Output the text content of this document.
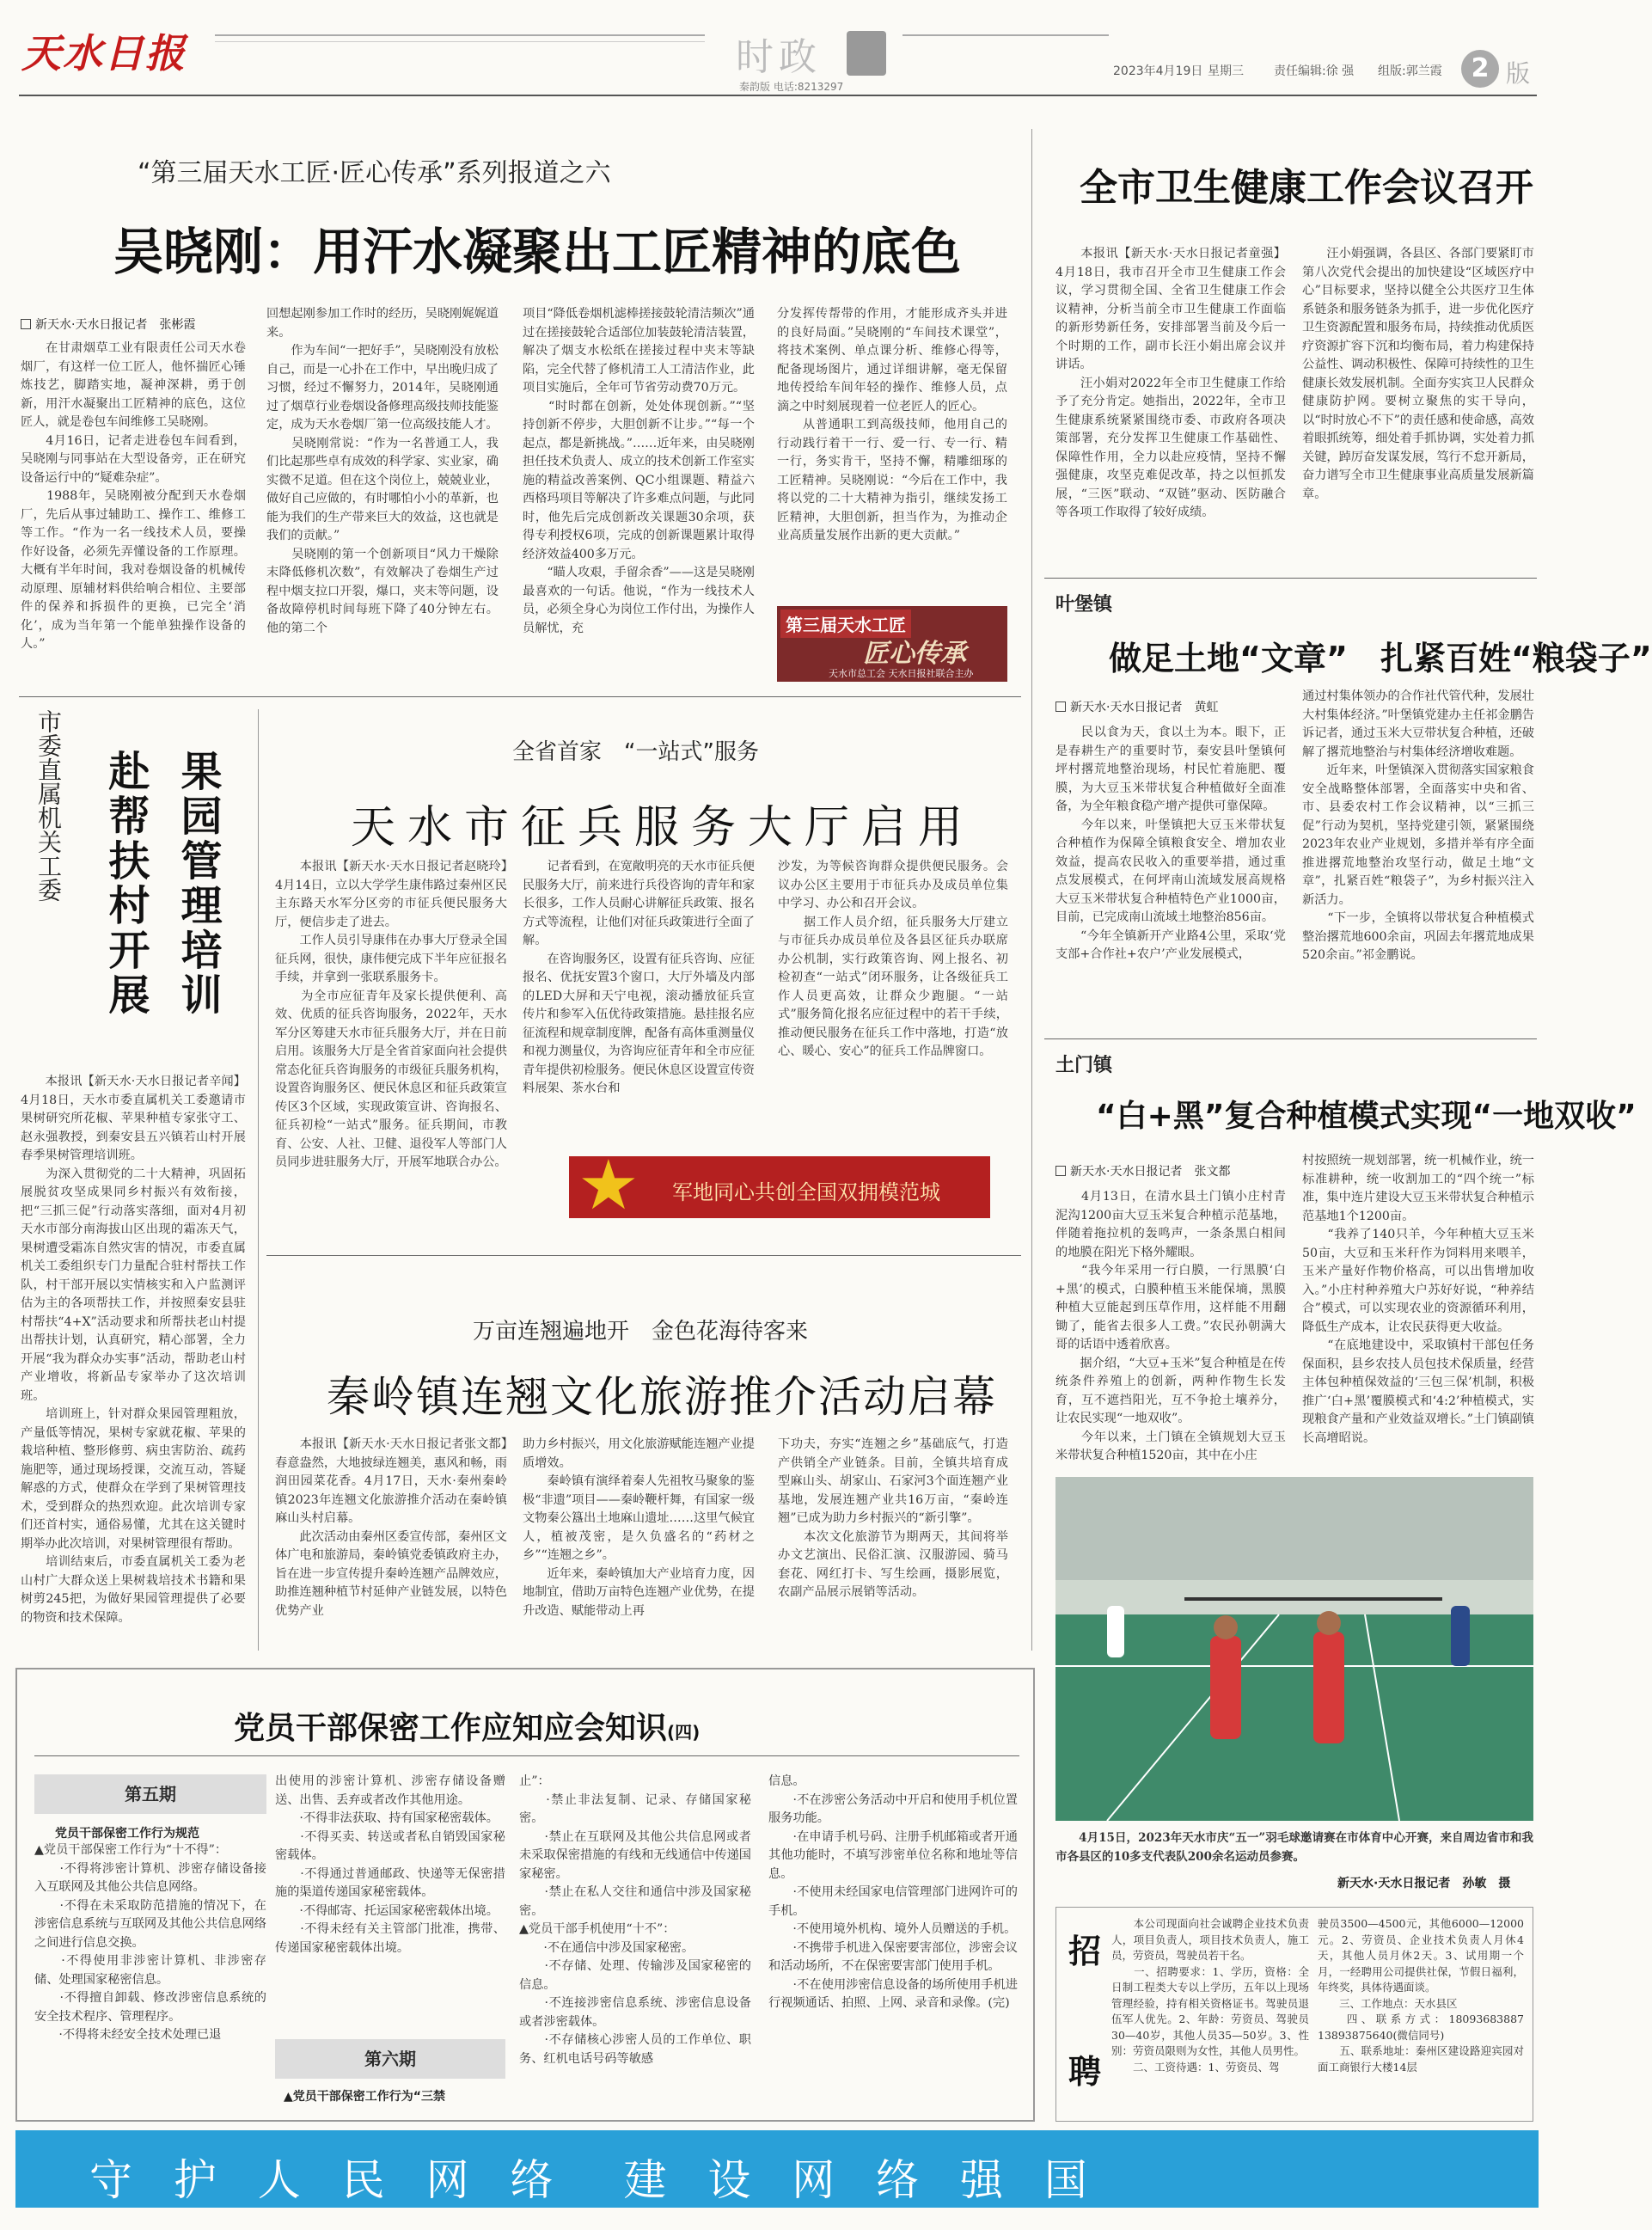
天水日报	时政
秦韵版 电话:8213297
2023年4月19日 星期三	责任编辑:徐 强 组版:郭兰霞	2 版
“第三届天水工匠·匠心传承”系列报道之六
吴晓刚：用汗水凝聚出工匠精神的底色
新天水·天水日报记者　张彬霞
　　在甘肃烟草工业有限责任公司天水卷烟厂，有这样一位工匠人，他怀揣匠心锤炼技艺，脚踏实地，凝神深耕，勇于创新，用汗水凝聚出工匠精神的底色，这位匠人，就是卷包车间维修工吴晓刚。
　　4月16日，记者走进卷包车间看到，吴晓刚与同事站在大型设备旁，正在研究设备运行中的“疑难杂症”。
　　1988年，吴晓刚被分配到天水卷烟厂，先后从事过辅助工、操作工、维修工等工作。“作为一名一线技术人员，要操作好设备，必须先弄懂设备的工作原理。大概有半年时间，我对卷烟设备的机械传动原理、原辅材料供给响合相位、主要部件的保养和拆损件的更换，已完全‘消化’，成为当年第一个能单独操作设备的人。”
回想起刚参加工作时的经历，吴晓刚娓娓道来。
　　作为车间“一把好手”，吴晓刚没有放松自己，而是一心扑在工作中，早出晚归成了习惯，经过不懈努力，2014年，吴晓刚通过了烟草行业卷烟设备修理高级技师技能鉴定，成为天水卷烟厂第一位高级技能人才。
　　吴晓刚常说：“作为一名普通工人，我们比起那些卓有成效的科学家、实业家，确实微不足道。但在这个岗位上，兢兢业业，做好自己应做的，有时哪怕小小的革新，也能为我们的生产带来巨大的效益，这也就是我们的贡献。”
　　吴晓刚的第一个创新项目“风力干燥除末降低修机次数”，有效解决了卷烟生产过程中烟支拉口开裂，爆口，夹末等问题，设备故障停机时间每班下降了40分钟左右。他的第二个
项目“降低卷烟机滤棒搓接鼓轮清洁频次”通过在搓接鼓轮合适部位加装鼓轮清洁装置，解决了烟支水松纸在搓接过程中夹末等缺陷，完全代替了修机清工人工清洁作业，此项目实施后，全年可节省劳动费70万元。
　　“时时都在创新，处处体现创新。”“坚持创新不停步，大胆创新不让步。”“每一个起点，都是新挑战。”……近年来，由吴晓刚担任技术负责人、成立的技术创新工作室实施的精益改善案例、QC小组课题、精益六西格玛项目等解决了许多难点问题，与此同时，他先后完成创新改关课题30余项，获得专利授权6项，完成的创新课题累计取得经济效益400多万元。
　　“瞄人攻艰，手留余香”——这是吴晓刚最喜欢的一句话。他说，“作为一线技术人员，必须全身心为岗位工作付出，为操作人员解忧，充
分发挥传帮带的作用，才能形成齐头并进的良好局面。”吴晓刚的“车间技术课堂”，将技术案例、单点课分析、维修心得等，配备现场图片，通过详细讲解，毫无保留地传授给车间年轻的操作、维修人员，点滴之中时刻展现着一位老匠人的匠心。
　　从普通职工到高级技师，他用自己的行动践行着干一行、爱一行、专一行、精一行，务实肯干，坚持不懈，精雕细琢的工匠精神。吴晓刚说：“今后在工作中，我将以党的二十大精神为指引，继续发扬工匠精神，大胆创新，担当作为，为推动企业高质量发展作出新的更大贡献。”
第三届天水工匠
匠心传承
天水市总工会 天水日报社联合主办
全市卫生健康工作会议召开
　　本报讯【新天水·天水日报记者童强】4月18日，我市召开全市卫生健康工作会议，学习贯彻全国、全省卫生健康工作会议精神，分析当前全市卫生健康工作面临的新形势新任务，安排部署当前及今后一个时期的工作，副市长汪小娟出席会议并讲话。
　　汪小娟对2022年全市卫生健康工作给予了充分肯定。她指出，2022年，全市卫生健康系统紧紧围绕市委、市政府各项决策部署，充分发挥卫生健康工作基础性、保障性作用，全力以赴应疫情，坚持不懈强健康，攻坚克难促改革，持之以恒抓发展，“三医”联动、“双链”驱动、医防融合等各项工作取得了较好成绩。
　　汪小娟强调，各县区、各部门要紧盯市第八次党代会提出的加快建设“区域医疗中心”目标要求，坚持以健全公共医疗卫生体系链条和服务链条为抓手，进一步优化医疗卫生资源配置和服务布局，持续推动优质医疗资源扩容下沉和均衡布局，着力构建保持公益性、调动积极性、保障可持续性的卫生健康长效发展机制。全面夯实宾卫人民群众健康防护网。要树立聚焦的实干导向，以“时时放心不下”的责任感和使命感，高效着眼抓统筹，细处着手抓协调，实处着力抓关键，踔厉奋发谋发展，笃行不怠开新局，奋力谱写全市卫生健康事业高质量发展新篇章。
叶堡镇
做足土地“文章”　扎紧百姓“粮袋子”
新天水·天水日报记者　黄虹
　　民以食为天，食以土为本。眼下，正是春耕生产的重要时节，秦安县叶堡镇何坪村撂荒地整治现场，村民忙着施肥、覆膜，为大豆玉米带状复合种植做好全面准备，为全年粮食稳产增产提供可靠保障。
　　今年以来，叶堡镇把大豆玉米带状复合种植作为保障全镇粮食安全、增加农业效益，提高农民收入的重要举措，通过重点发展模式，在何坪南山流域发展高规格大豆玉米带状复合种植特色产业1000亩，目前，已完成南山流域土地整治856亩。
　　“今年全镇新开产业路4公里，采取‘党支部+合作社+农户’产业发展模式，
通过村集体领办的合作社代管代种，发展壮大村集体经济。”叶堡镇党建办主任祁金鹏告诉记者，通过玉米大豆带状复合种植，还破解了撂荒地整治与村集体经济增收难题。
　　近年来，叶堡镇深入贯彻落实国家粮食安全战略整体部署，全面落实中央和省、市、县委农村工作会议精神，以“三抓三促”行动为契机，坚持党建引领，紧紧围绕2023年农业产业规划，多措并举有序全面推进撂荒地整治攻坚行动，做足土地“文章”，扎紧百姓“粮袋子”，为乡村振兴注入新活力。
　　“下一步，全镇将以带状复合种植模式整治撂荒地600余亩，巩固去年撂荒地成果520余亩。”祁金鹏说。
土门镇
“白+黑”复合种植模式实现“一地双收”
新天水·天水日报记者　张文都
　　4月13日，在清水县土门镇小庄村青泥沟1200亩大豆玉米复合种植示范基地，伴随着拖拉机的轰鸣声，一条条黑白相间的地膜在阳光下格外耀眼。
　　“我今年采用一行白膜，一行黑膜‘白+黑’的模式，白膜种植玉米能保墒，黑膜种植大豆能起到压草作用，这样能不用翻锄了，能省去很多人工费。”农民孙朝满大哥的话语中透着欣喜。
　　据介绍，“大豆+玉米”复合种植是在传统条件养殖上的创新，两种作物生长发育，互不遮挡阳光，互不争抢土壤养分，让农民实现“一地双收”。
　　今年以来，土门镇在全镇规划大豆玉米带状复合种植1520亩，其中在小庄
村按照统一规划部署，统一机械作业，统一标准耕种，统一收割加工的“四个统一”标准，集中连片建设大豆玉米带状复合种植示范基地1个1200亩。
　　“我养了140只羊，今年种植大豆玉米50亩，大豆和玉米秆作为饲料用来喂羊，玉米产量好作物价格高，可以出售增加收入。”小庄村种养殖大户苏好好说，“种养结合”模式，可以实现农业的资源循环利用，降低生产成本，让农民获得更大收益。
　　“在底地建设中，采取镇村干部包任务保面积，县乡农技人员包技术保质量，经营主体包种植保效益的‘三包三保’机制，积极推广‘白+黑’覆膜模式和‘4:2’种植模式，实现粮食产量和产业效益双增长。”土门镇副镇长高增昭说。
　　4月15日，2023年天水市庆“五一”羽毛球邀请赛在市体育中心开赛，来自周边省市和我市各县区的10多支代表队200余名运动员参赛。
新天水·天水日报记者　孙敏　摄
市委直属机关工委	果园管理培训
赴帮扶村开展
　　本报讯【新天水·天水日报记者辛闻】4月18日，天水市委直属机关工委邀请市果树研究所花椒、苹果种植专家张守工、赵永强教授，到秦安县五兴镇若山村开展春季果树管理培训班。
　　为深入贯彻党的二十大精神，巩固拓展脱贫攻坚成果同乡村振兴有效衔接，把“三抓三促”行动落实落细，面对4月初天水市部分南海拔山区出现的霜冻天气，果树遭受霜冻自然灾害的情况，市委直属机关工委组织专门力量配合驻村帮扶工作队，村干部开展以实情核实和入户监测评估为主的各项帮扶工作，并按照秦安县驻村帮扶“4+X”活动要求和所帮扶老山村提出帮扶计划，认真研究，精心部署，全力开展“我为群众办实事”活动，帮助老山村产业增收，将新品专家举办了这次培训班。
　　培训班上，针对群众果园管理粗放，产量低等情况，果树专家就花椒、苹果的栽培种植、整形修剪、病虫害防治、疏药施肥等，通过现场授课，交流互动，答疑解惑的方式，使群众在学到了果树管理技术，受到群众的热烈欢迎。此次培训专家们还首村实，通俗易懂，尤其在这关键时期举办此次培训，对果树管理很有帮助。
　　培训结束后，市委直属机关工委为老山村广大群众送上果树栽培技术书籍和果树剪245把，为做好果园管理提供了必要的物资和技术保障。
全省首家　“一站式”服务
天水市征兵服务大厅启用
　　本报讯【新天水·天水日报记者赵晓玲】4月14日，立以大学学生康伟路过秦州区民主东路天水军分区旁的市征兵便民服务大厅，便信步走了进去。
　　工作人员引导康伟在办事大厅登录全国征兵网，很快，康伟便完成下半年应征报名手续，并拿到一张联系服务卡。
　　为全市应征青年及家长提供便利、高效、优质的征兵咨询服务，2022年，天水军分区筹建天水市征兵服务大厅，并在日前启用。该服务大厅是全省首家面向社会提供常态化征兵咨询服务的市级征兵服务机构，设置咨询服务区、便民休息区和征兵政策宣传区3个区域，实现政策宣讲、咨询报名、征兵初检“一站式”服务。征兵期间，市教育、公安、人社、卫健、退役军人等部门人员同步进驻服务大厅，开展军地联合办公。
　　记者看到，在宽敞明亮的天水市征兵便民服务大厅，前来进行兵役咨询的青年和家长很多，工作人员耐心讲解征兵政策、报名方式等流程，让他们对征兵政策进行全面了解。
　　在咨询服务区，设置有征兵咨询、应征报名、优抚安置3个窗口，大厅外墙及内部的LED大屏和天宁电视，滚动播放征兵宣传片和参军入伍优待政策措施。悬挂报名应征流程和规章制度牌，配备有高体重测量仪和视力测量仪，为咨询应征青年和全市应征青年提供初检服务。便民休息区设置宣传资料展架、茶水台和
沙发，为等候咨询群众提供便民服务。会议办公区主要用于市征兵办及成员单位集中学习、办公和召开会议。
　　据工作人员介绍，征兵服务大厅建立与市征兵办成员单位及各县区征兵办联席办公机制，实行政策咨询、网上报名、初检初查“一站式”闭环服务，让各级征兵工作人员更高效，让群众少跑腿。“一站式”服务简化报名应征过程中的若干手续，推动便民服务在征兵工作中落地，打造“放心、暖心、安心”的征兵工作品牌窗口。
★ 军地同心共创全国双拥模范城
万亩连翘遍地开　金色花海待客来
秦岭镇连翘文化旅游推介活动启幕
　　本报讯【新天水·天水日报记者张文都】春意盎然，大地披绿连翘美，惠风和畅，雨润田园菜花香。4月17日，天水·秦州秦岭镇2023年连翘文化旅游推介活动在秦岭镇麻山头村启幕。
　　此次活动由秦州区委宣传部，秦州区文体广电和旅游局，秦岭镇党委镇政府主办，旨在进一步宣传提升秦岭连翘产品牌效应，助推连翘种植节村延伸产业链发展，以特色优势产业
助力乡村振兴，用文化旅游赋能连翘产业提质增效。
　　秦岭镇有演绎着秦人先祖牧马聚象的鉴极“非遗”项目——秦岭鞭杆舞，有国家一级文物秦公簋出土地麻山遗址……这里气候宜人，植被茂密，是久负盛名的“药材之乡”“连翘之乡”。
　　近年来，秦岭镇加大产业培育力度，因地制宜，借助万亩特色连翘产业优势，在提升改造、赋能带动上再
下功夫，夯实“连翘之乡”基础底气，打造产供销全产业链条。目前，全镇共培育成型麻山头、胡家山、石家河3个面连翘产业基地，发展连翘产业共16万亩，“秦岭连翘”已成为助力乡村振兴的“新引擎”。
　　本次文化旅游节为期两天，其间将举办文艺演出、民俗汇演、汉服游园、骑马套花、网红打卡、写生绘画，摄影展览，农副产品展示展销等活动。
党员干部保密工作应知应会知识(四)
第五期
党员干部保密工作行为规范
▲党员干部保密工作行为“十不得”：
　　·不得将涉密计算机、涉密存储设备接入互联网及其他公共信息网络。
　　·不得在未采取防范措施的情况下，在涉密信息系统与互联网及其他公共信息网络之间进行信息交换。
　　·不得使用非涉密计算机、非涉密存储、处理国家秘密信息。
　　·不得擅自卸载、修改涉密信息系统的安全技术程序、管理程序。
　　·不得将未经安全技术处理已退
出使用的涉密计算机、涉密存储设备赠送、出售、丢弃或者改作其他用途。
　　·不得非法获取、持有国家秘密载体。
　　·不得买卖、转送或者私自销毁国家秘密载体。
　　·不得通过普通邮政、快递等无保密措施的渠道传递国家秘密载体。
　　·不得邮寄、托运国家秘密载体出境。
　　·不得未经有关主管部门批准，携带、传递国家秘密载体出境。
第六期
▲党员干部保密工作行为“三禁
止”：
　　·禁止非法复制、记录、存储国家秘密。
　　·禁止在互联网及其他公共信息网或者未采取保密措施的有线和无线通信中传递国家秘密。
　　·禁止在私人交往和通信中涉及国家秘密。
▲党员干部手机使用“十不”：
　　·不在通信中涉及国家秘密。
　　·不存储、处理、传输涉及国家秘密的信息。
　　·不连接涉密信息系统、涉密信息设备或者涉密载体。
　　·不存储核心涉密人员的工作单位、职务、红机电话号码等敏感
信息。
　　·不在涉密公务活动中开启和使用手机位置服务功能。
　　·在申请手机号码、注册手机邮箱或者开通其他功能时，不填写涉密单位名称和地址等信息。
　　·不使用未经国家电信管理部门进网许可的手机。
　　·不使用境外机构、境外人员赠送的手机。
　　·不携带手机进入保密要害部位，涉密会议和活动场所，不在保密要害部门使用手机。
　　·不在使用涉密信息设备的场所使用手机进行视频通话、拍照、上网、录音和录像。(完)
招
聘
　　本公司现面向社会诚聘企业技术负责人，项目负责人，项目技术负责人，施工员，劳资员，驾驶员若干名。
　　一、招聘要求：1、学历，资格：全日制工程类大专以上学历，五年以上现场管理经验，持有相关资格证书。驾驶员退伍军人优先。2、年龄：劳资员、驾驶员30—40岁，其他人员35—50岁。3、性别：劳资员限则为女性，其他人员男性。
　　二、工资待遇：1、劳资员、驾
驶员3500—4500元，其他6000—12000元。2、劳资员、企业技术负责人月休4天，其他人员月休2天。3、试用期一个月，一经聘用公司提供社保，节假日福利，年终奖，具体待遇面谈。
　　三、工作地点：天水县区
　　四、联系方式：18093683887 13893875640(微信同号)
　　五、联系地址：秦州区建设路迎宾园对面工商银行大楼14层
守 护 人 民 网 络　建 设 网 络 强 国
